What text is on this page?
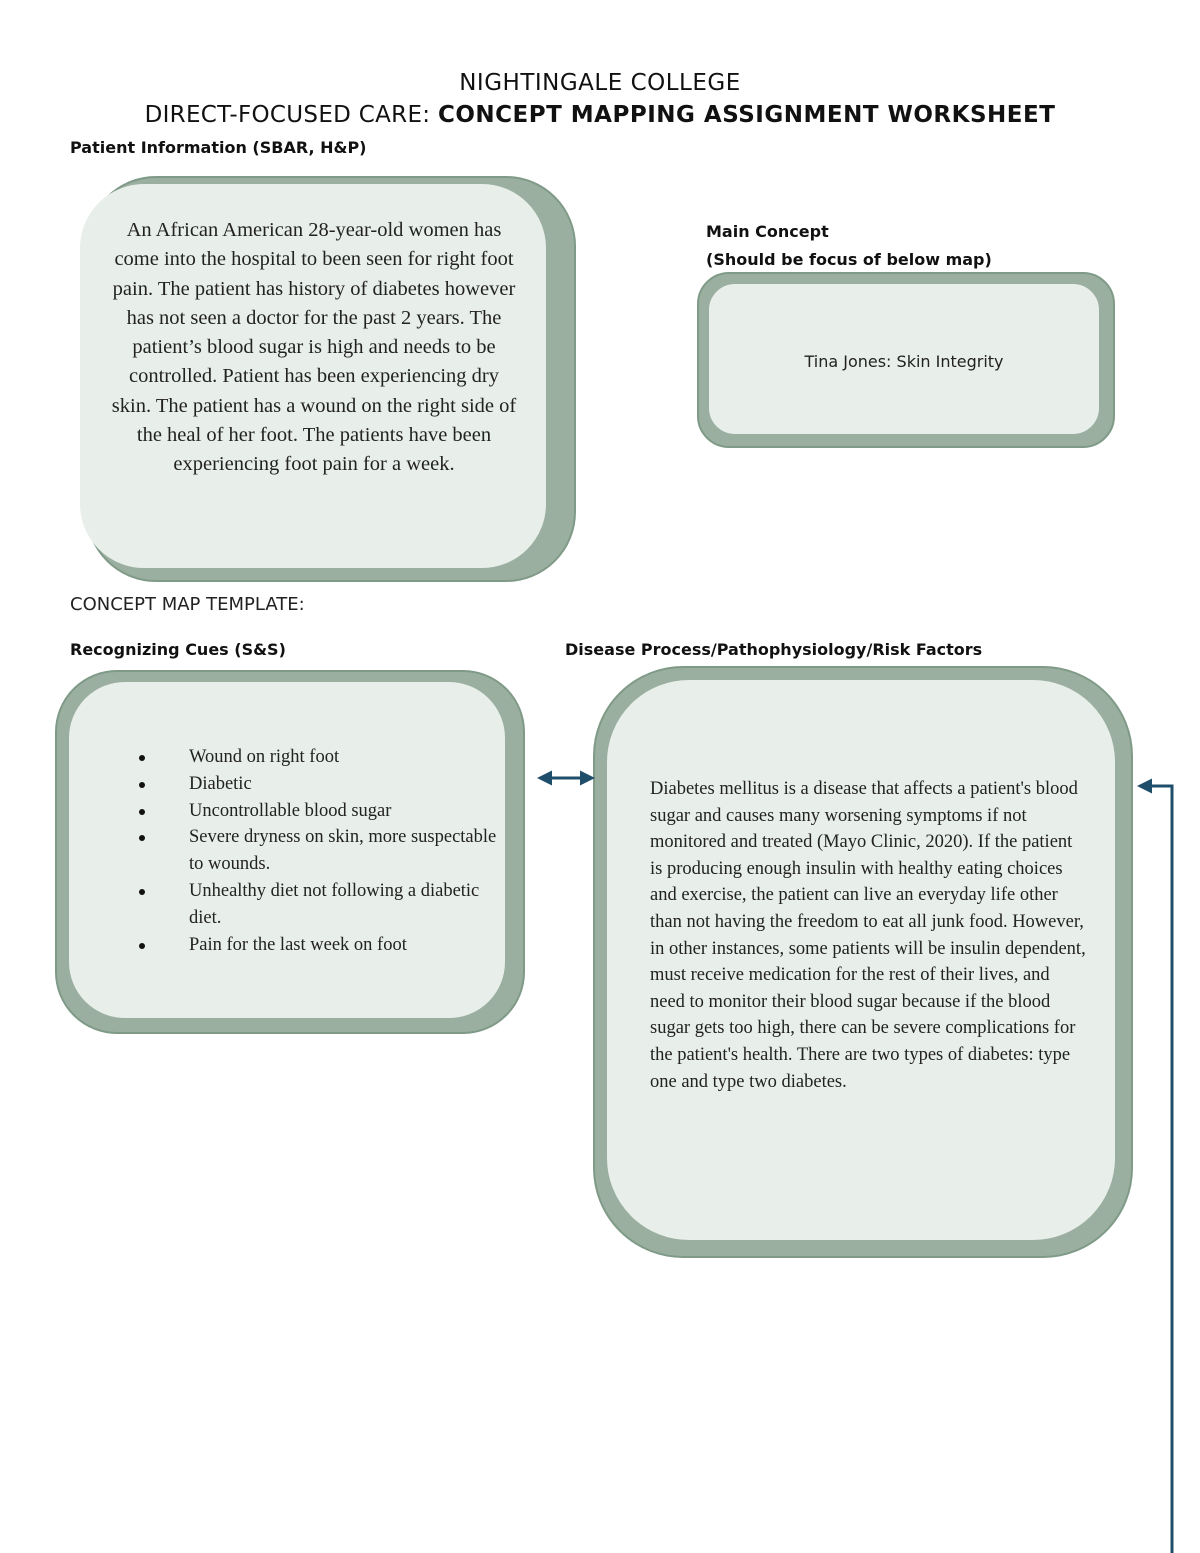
NIGHTINGALE COLLEGE
DIRECT-FOCUSED CARE: CONCEPT MAPPING ASSIGNMENT WORKSHEET
Patient Information (SBAR, H&P)
An African American 28-year-old women has come into the hospital to been seen for right foot pain. The patient has history of diabetes however has not seen a doctor for the past 2 years. The patient’s blood sugar is high and needs to be controlled. Patient has been experiencing dry skin. The patient has a wound on the right side of the heal of her foot. The patients have been experiencing foot pain for a week.
Main Concept
(Should be focus of below map)
Tina Jones: Skin Integrity
CONCEPT MAP TEMPLATE:
Recognizing Cues (S&S)
Wound on right foot
Diabetic
Uncontrollable blood sugar
Severe dryness on skin, more suspectable to wounds.
Unhealthy diet not following a diabetic diet.
Pain for the last week on foot
Disease Process/Pathophysiology/Risk Factors
Diabetes mellitus is a disease that affects a patient's blood sugar and causes many worsening symptoms if not monitored and treated (Mayo Clinic, 2020). If the patient is producing enough insulin with healthy eating choices and exercise, the patient can live an everyday life other than not having the freedom to eat all junk food. However, in other instances, some patients will be insulin dependent, must receive medication for the rest of their lives, and need to monitor their blood sugar because if the blood sugar gets too high, there can be severe complications for the patient's health. There are two types of diabetes: type one and type two diabetes.
